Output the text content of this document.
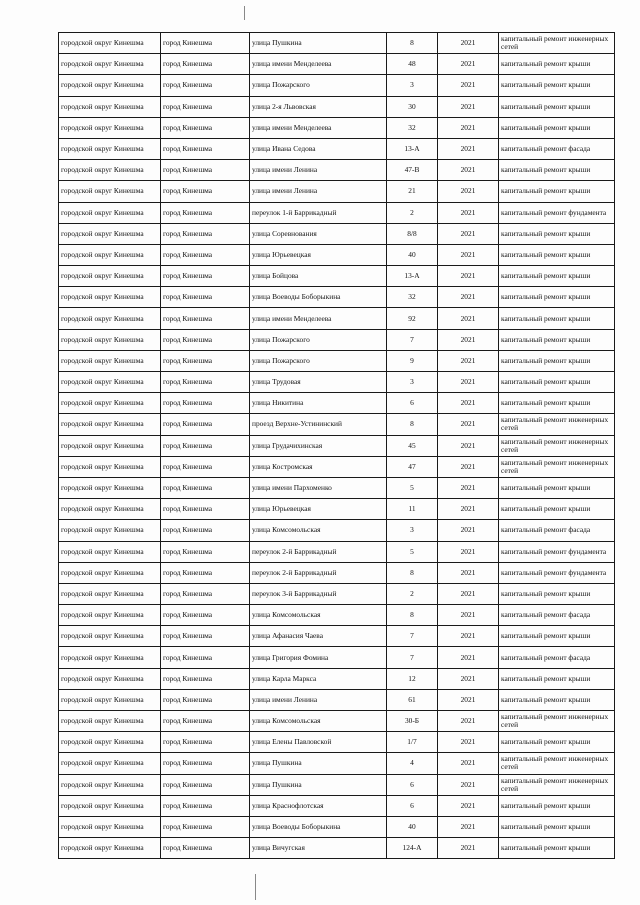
городской округ Кинешма	город Кинешма	улица Пушкина	8	2021	капитальный ремонт инженерных сетей
городской округ Кинешма	город Кинешма	улица имени Менделеева	48	2021	капитальный ремонт крыши
городской округ Кинешма	город Кинешма	улица Пожарского	3	2021	капитальный ремонт крыши
городской округ Кинешма	город Кинешма	улица 2-я Львовская	30	2021	капитальный ремонт крыши
городской округ Кинешма	город Кинешма	улица имени Менделеева	32	2021	капитальный ремонт крыши
городской округ Кинешма	город Кинешма	улица Ивана Седова	13-А	2021	капитальный ремонт фасада
городской округ Кинешма	город Кинешма	улица имени Ленина	47-В	2021	капитальный ремонт крыши
городской округ Кинешма	город Кинешма	улица имени Ленина	21	2021	капитальный ремонт крыши
городской округ Кинешма	город Кинешма	переулок 1-й Баррикадный	2	2021	капитальный ремонт фундамента
городской округ Кинешма	город Кинешма	улица Соревнования	8/8	2021	капитальный ремонт крыши
городской округ Кинешма	город Кинешма	улица Юрьевецкая	40	2021	капитальный ремонт крыши
городской округ Кинешма	город Кинешма	улица Бойцова	13-А	2021	капитальный ремонт крыши
городской округ Кинешма	город Кинешма	улица Воеводы Боборыкина	32	2021	капитальный ремонт крыши
городской округ Кинешма	город Кинешма	улица имени Менделеева	92	2021	капитальный ремонт крыши
городской округ Кинешма	город Кинешма	улица Пожарского	7	2021	капитальный ремонт крыши
городской округ Кинешма	город Кинешма	улица Пожарского	9	2021	капитальный ремонт крыши
городской округ Кинешма	город Кинешма	улица Трудовая	3	2021	капитальный ремонт крыши
городской округ Кинешма	город Кинешма	улица Никитина	6	2021	капитальный ремонт крыши
городской округ Кинешма	город Кинешма	проезд Верхне-Устининский	8	2021	капитальный ремонт инженерных сетей
городской округ Кинешма	город Кинешма	улица Грудачихинская	45	2021	капитальный ремонт инженерных сетей
городской округ Кинешма	город Кинешма	улица Костромская	47	2021	капитальный ремонт инженерных сетей
городской округ Кинешма	город Кинешма	улица имени Пархоменко	5	2021	капитальный ремонт крыши
городской округ Кинешма	город Кинешма	улица Юрьевецкая	11	2021	капитальный ремонт крыши
городской округ Кинешма	город Кинешма	улица Комсомольская	3	2021	капитальный ремонт фасада
городской округ Кинешма	город Кинешма	переулок 2-й Баррикадный	5	2021	капитальный ремонт фундамента
городской округ Кинешма	город Кинешма	переулок 2-й Баррикадный	8	2021	капитальный ремонт фундамента
городской округ Кинешма	город Кинешма	переулок 3-й Баррикадный	2	2021	капитальный ремонт крыши
городской округ Кинешма	город Кинешма	улица Комсомольская	8	2021	капитальный ремонт фасада
городской округ Кинешма	город Кинешма	улица Афанасия Чаева	7	2021	капитальный ремонт крыши
городской округ Кинешма	город Кинешма	улица Григория Фомина	7	2021	капитальный ремонт фасада
городской округ Кинешма	город Кинешма	улица Карла Маркса	12	2021	капитальный ремонт крыши
городской округ Кинешма	город Кинешма	улица имени Ленина	61	2021	капитальный ремонт крыши
городской округ Кинешма	город Кинешма	улица Комсомольская	30-Б	2021	капитальный ремонт инженерных сетей
городской округ Кинешма	город Кинешма	улица Елены Павловской	1/7	2021	капитальный ремонт крыши
городской округ Кинешма	город Кинешма	улица Пушкина	4	2021	капитальный ремонт инженерных сетей
городской округ Кинешма	город Кинешма	улица Пушкина	6	2021	капитальный ремонт инженерных сетей
городской округ Кинешма	город Кинешма	улица Краснофлотская	6	2021	капитальный ремонт крыши
городской округ Кинешма	город Кинешма	улица Воеводы Боборыкина	40	2021	капитальный ремонт крыши
городской округ Кинешма	город Кинешма	улица Вичугская	124-А	2021	капитальный ремонт крыши
